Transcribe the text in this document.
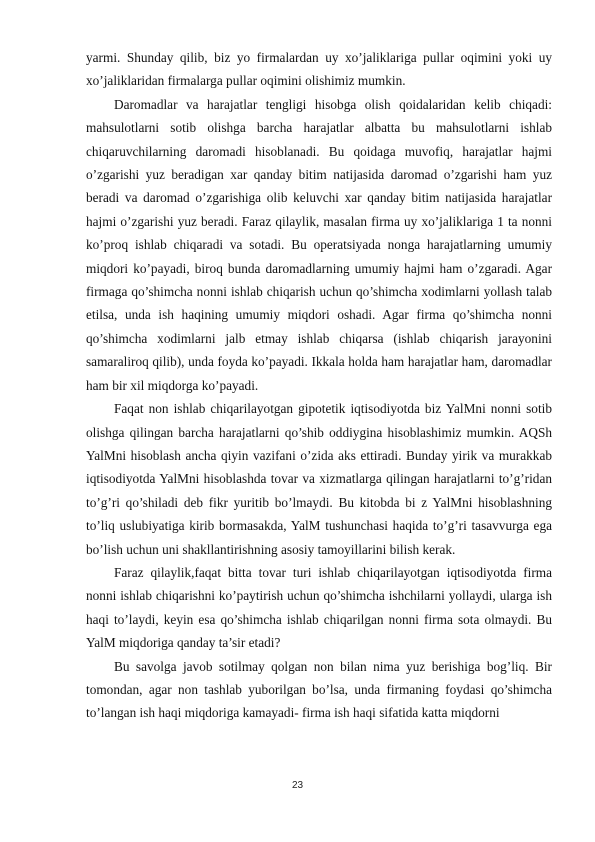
yarmi. Shunday qilib, biz yo firmalardan uy xo’jaliklariga pullar oqimini yoki uy xo’jaliklaridan firmalarga pullar oqimini olishimiz mumkin.

Daromadlar va harajatlar tengligi hisobga olish qoidalaridan kelib chiqadi: mahsulotlarni sotib olishga barcha harajatlar albatta bu mahsulotlarni ishlab chiqaruvchilarning daromadi hisoblanadi. Bu qoidaga muvofiq, harajatlar hajmi o’zgarishi yuz beradigan xar qanday bitim natijasida daromad o’zgarishi ham yuz beradi va daromad o’zgarishiga olib keluvchi xar qanday bitim natijasida harajatlar hajmi o’zgarishi yuz beradi. Faraz qilaylik, masalan firma uy xo’jaliklariga 1 ta nonni ko’proq ishlab chiqaradi va sotadi. Bu operatsiyada nonga harajatlarning umumiy miqdori ko’payadi, biroq bunda daromadlarning umumiy hajmi ham o’zgaradi. Agar firmaga qo’shimcha nonni ishlab chiqarish uchun qo’shimcha xodimlarni yollash talab etilsa, unda ish haqining umumiy miqdori oshadi. Agar firma qo’shimcha nonni qo’shimcha xodimlarni jalb etmay ishlab chiqarsa (ishlab chiqarish jarayonini samaraliroq qilib), unda foyda ko’payadi. Ikkala holda ham harajatlar ham, daromadlar ham bir xil miqdorga ko’payadi.

Faqat non ishlab chiqarilayotgan gipotetik iqtisodiyotda biz YalMni nonni sotib olishga qilingan barcha harajatlarni qo’shib oddiygina hisoblashimiz mumkin. AQSh YalMni hisoblash ancha qiyin vazifani o’zida aks ettiradi. Bunday yirik va murakkab iqtisodiyotda YalMni hisoblashda tovar va xizmatlarga qilingan harajatlarni to’g’ridan to’g’ri qo’shiladi deb fikr yuritib bo’lmaydi. Bu kitobda bi z YalMni hisoblashning to’liq uslubiyatiga kirib bormasakda, YalM tushunchasi haqida to’g’ri tasavvurga ega bo’lish uchun uni shakllantirishning asosiy tamoyillarini bilish kerak.

Faraz qilaylik,faqat bitta tovar turi ishlab chiqarilayotgan iqtisodiyotda firma nonni ishlab chiqarishni ko’paytirish uchun qo’shimcha ishchilarni yollaydi, ularga ish haqi to’laydi, keyin esa qo’shimcha ishlab chiqarilgan nonni firma sota olmaydi. Bu YalM miqdoriga qanday ta’sir etadi?

Bu savolga javob sotilmay qolgan non bilan nima yuz berishiga bog’liq. Bir tomondan, agar non tashlab yuborilgan bo’lsa, unda firmaning foydasi qo’shimcha to’langan ish haqi miqdoriga kamayadi- firma ish haqi sifatida katta miqdorni

23
